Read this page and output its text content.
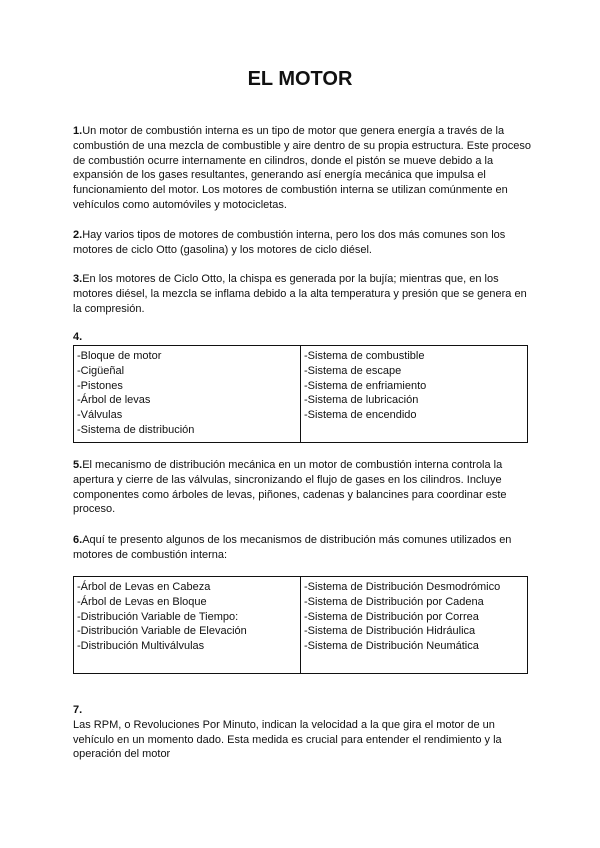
EL MOTOR

1.Un motor de combustión interna es un tipo de motor que genera energía a través de la combustión de una mezcla de combustible y aire dentro de su propia estructura. Este proceso de combustión ocurre internamente en cilindros, donde el pistón se mueve debido a la expansión de los gases resultantes, generando así energía mecánica que impulsa el funcionamiento del motor. Los motores de combustión interna se utilizan comúnmente en vehículos como automóviles y motocicletas.

2.Hay varios tipos de motores de combustión interna, pero los dos más comunes son los motores de ciclo Otto (gasolina) y los motores de ciclo diésel.

3.En los motores de Ciclo Otto, la chispa es generada por la bujía; mientras que, en los motores diésel, la mezcla se inflama debido a la alta temperatura y presión que se genera en la compresión.

4.

-Bloque de motor
-Cigüeñal
-Pistones
-Árbol de levas
-Válvulas
-Sistema de distribución

-Sistema de combustible
-Sistema de escape
-Sistema de enfriamiento
-Sistema de lubricación
-Sistema de encendido

5.El mecanismo de distribución mecánica en un motor de combustión interna controla la apertura y cierre de las válvulas, sincronizando el flujo de gases en los cilindros. Incluye componentes como árboles de levas, piñones, cadenas y balancines para coordinar este proceso.

6.Aquí te presento algunos de los mecanismos de distribución más comunes utilizados en motores de combustión interna:

-Árbol de Levas en Cabeza
-Árbol de Levas en Bloque
-Distribución Variable de Tiempo:
-Distribución Variable de Elevación
-Distribución Multiválvulas

-Sistema de Distribución Desmodrómico
-Sistema de Distribución por Cadena
-Sistema de Distribución por Correa
-Sistema de Distribución Hidráulica
-Sistema de Distribución Neumática

7.
Las RPM, o Revoluciones Por Minuto, indican la velocidad a la que gira el motor de un vehículo en un momento dado. Esta medida es crucial para entender el rendimiento y la operación del motor
